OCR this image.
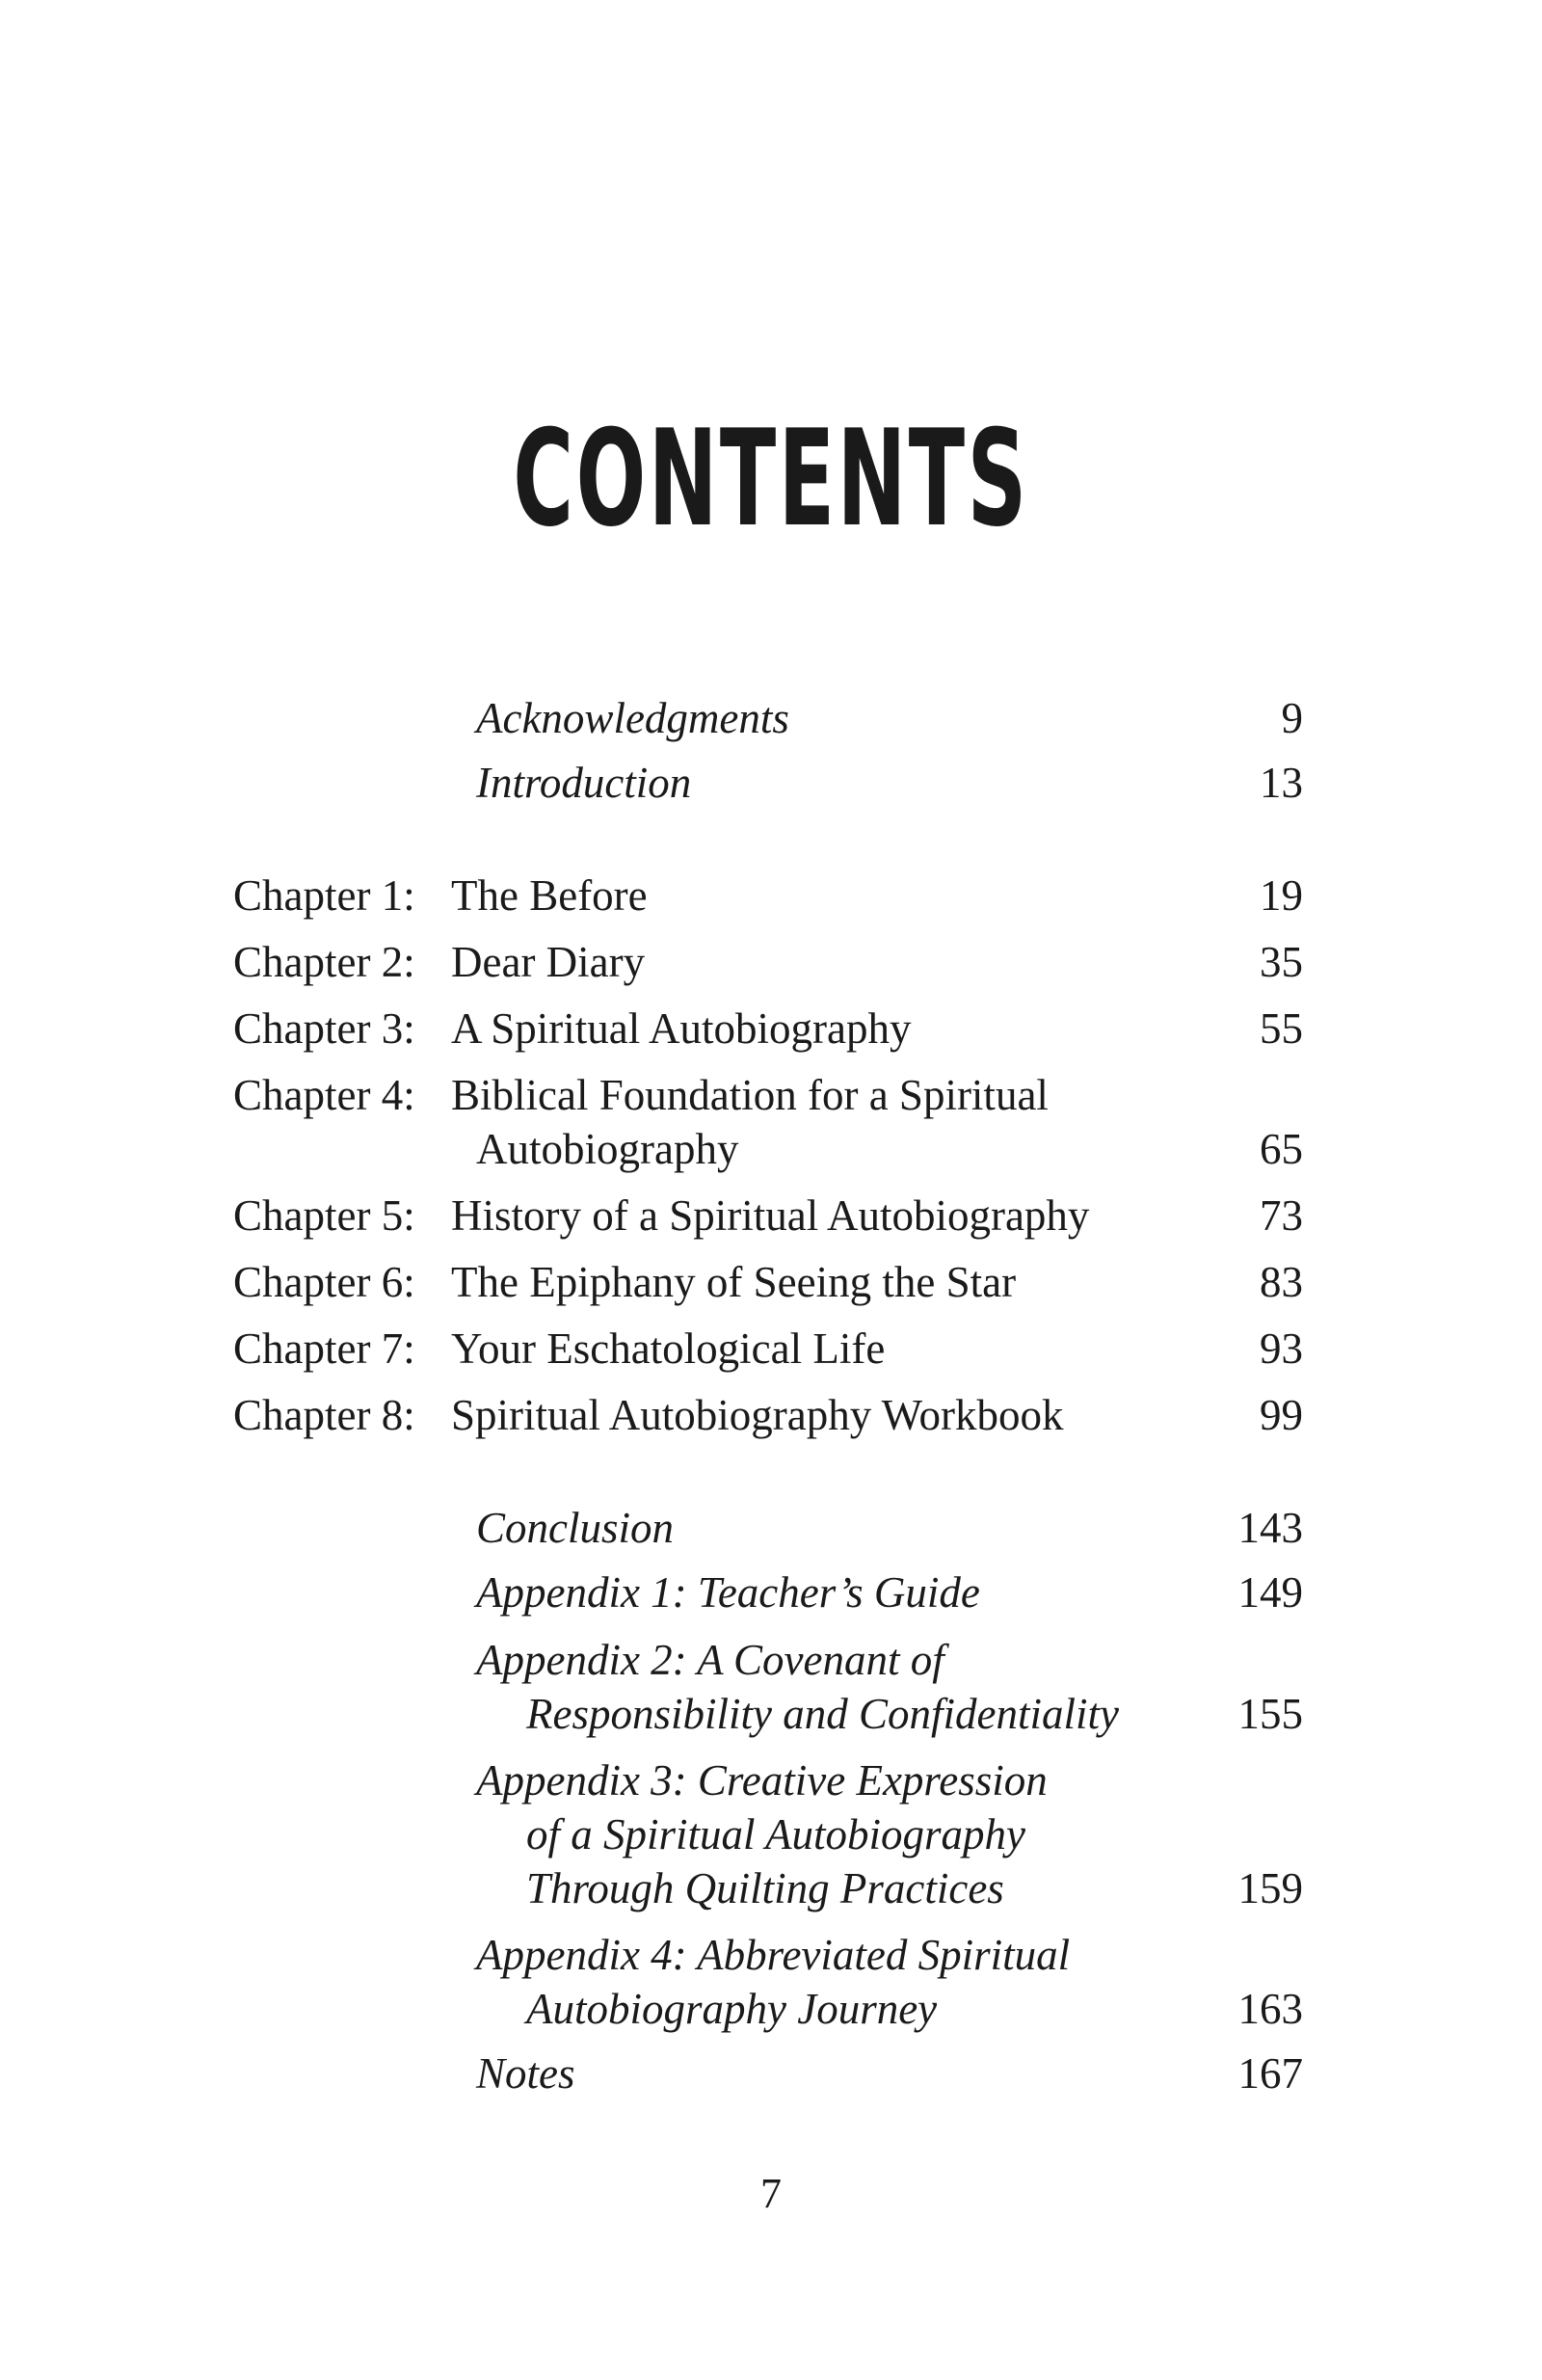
CONTENTS
Acknowledgments	9
Introduction	13
Chapter 1: The Before	19
Chapter 2: Dear Diary	35
Chapter 3: A Spiritual Autobiography	55
Chapter 4: Biblical Foundation for a Spiritual
Autobiography	65
Chapter 5: History of a Spiritual Autobiography	73
Chapter 6: The Epiphany of Seeing the Star	83
Chapter 7: Your Eschatological Life	93
Chapter 8: Spiritual Autobiography Workbook	99
Conclusion	143
Appendix 1: Teacher’s Guide	149
Appendix 2: A Covenant of
Responsibility and Confidentiality	155
Appendix 3: Creative Expression
of a Spiritual Autobiography
Through Quilting Practices	159
Appendix 4: Abbreviated Spiritual
Autobiography Journey	163
Notes	167
7
